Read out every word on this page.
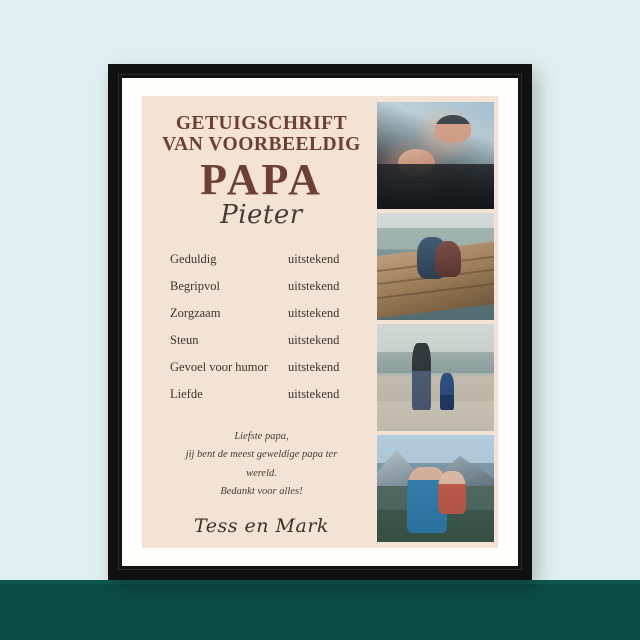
GETUIGSCHRIFT
VAN VOORBEELDIG
PAPA
Pieter
Geduldig	uitstekend
Begripvol	uitstekend
Zorgzaam	uitstekend
Steun	uitstekend
Gevoel voor humor	uitstekend
Liefde	uitstekend
Liefste papa,
jij bent de meest geweldige papa ter wereld.
Bedankt voor alles!
Tess en Mark
